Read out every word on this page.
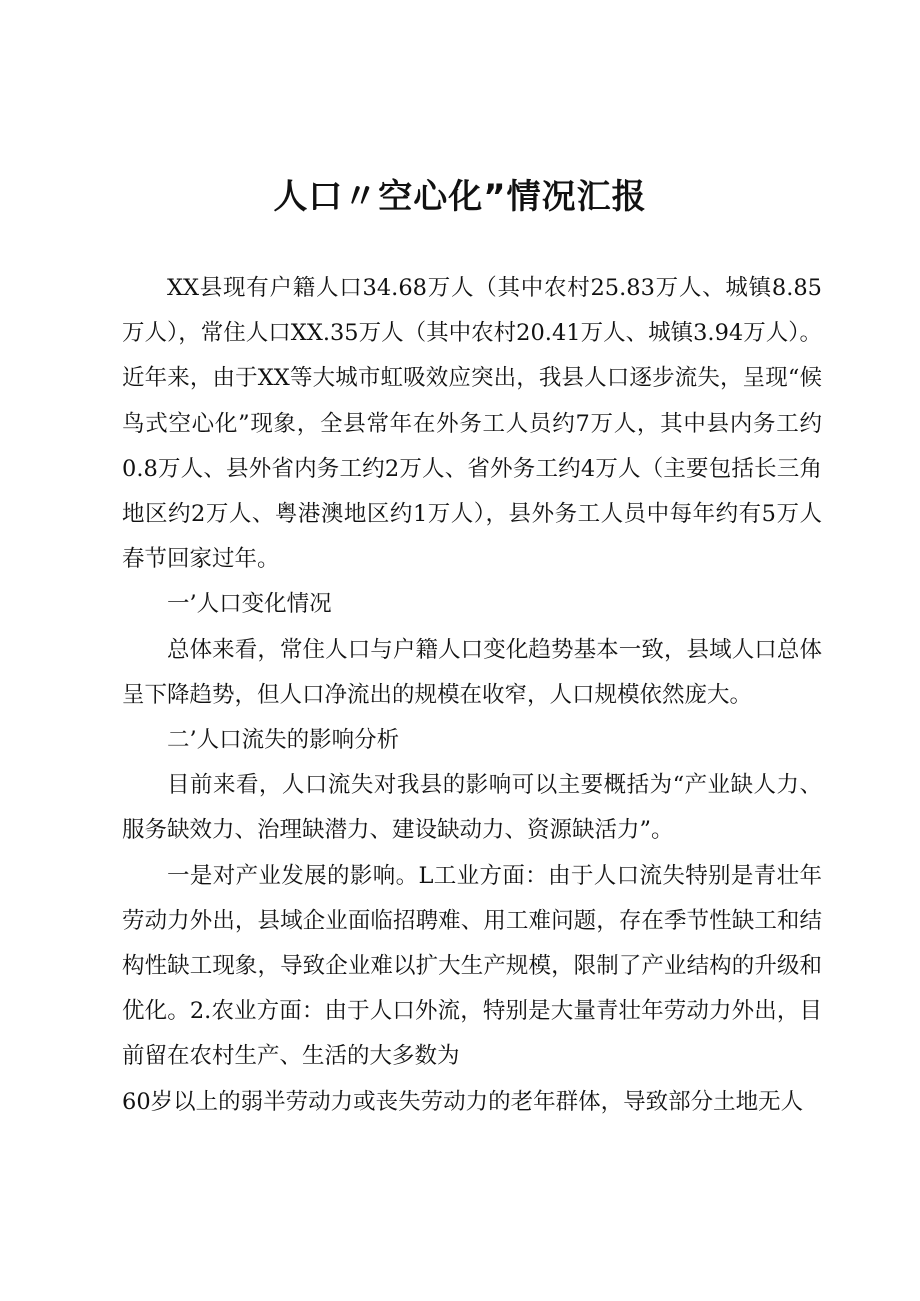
人口〃空心化”情况汇报

XX县现有户籍人口34.68万人（其中农村25.83万人、城镇8.85万人），常住人口XX.35万人（其中农村20.41万人、城镇3.94万人）。近年来，由于XX等大城市虹吸效应突出，我县人口逐步流失，呈现“候鸟式空心化”现象，全县常年在外务工人员约7万人，其中县内务工约0.8万人、县外省内务工约2万人、省外务工约4万人（主要包括长三角地区约2万人、粤港澳地区约1万人），县外务工人员中每年约有5万人春节回家过年。

一’人口变化情况

总体来看，常住人口与户籍人口变化趋势基本一致，县域人口总体呈下降趋势，但人口净流出的规模在收窄，人口规模依然庞大。

二’人口流失的影响分析

目前来看，人口流失对我县的影响可以主要概括为“产业缺人力、服务缺效力、治理缺潜力、建设缺动力、资源缺活力”。

一是对产业发展的影响。L工业方面：由于人口流失特别是青壮年劳动力外出，县域企业面临招聘难、用工难问题，存在季节性缺工和结构性缺工现象，导致企业难以扩大生产规模，限制了产业结构的升级和优化。2.农业方面：由于人口外流，特别是大量青壮年劳动力外出，目前留在农村生产、生活的大多数为

60岁以上的弱半劳动力或丧失劳动力的老年群体，导致部分土地无人
